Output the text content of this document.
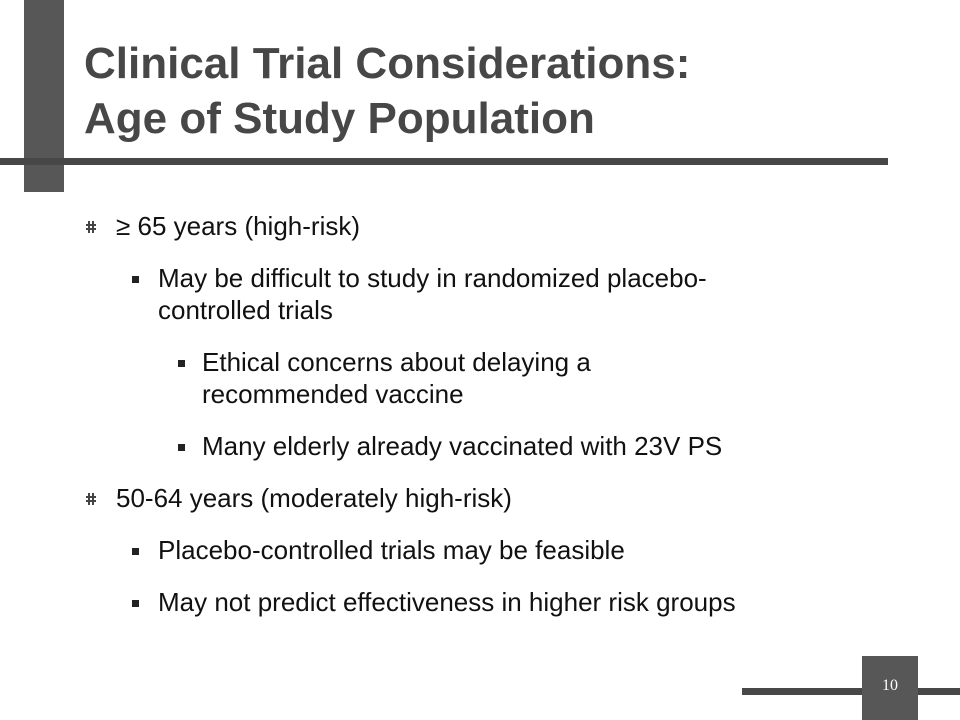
Clinical Trial Considerations:
Age of Study Population
≥ 65 years (high-risk)
May be difficult to study in randomized placebo-
controlled trials
Ethical concerns about delaying a
recommended vaccine
Many elderly already vaccinated with 23V PS
50-64 years (moderately high-risk)
Placebo-controlled trials may be feasible
May not predict effectiveness in higher risk groups
10
